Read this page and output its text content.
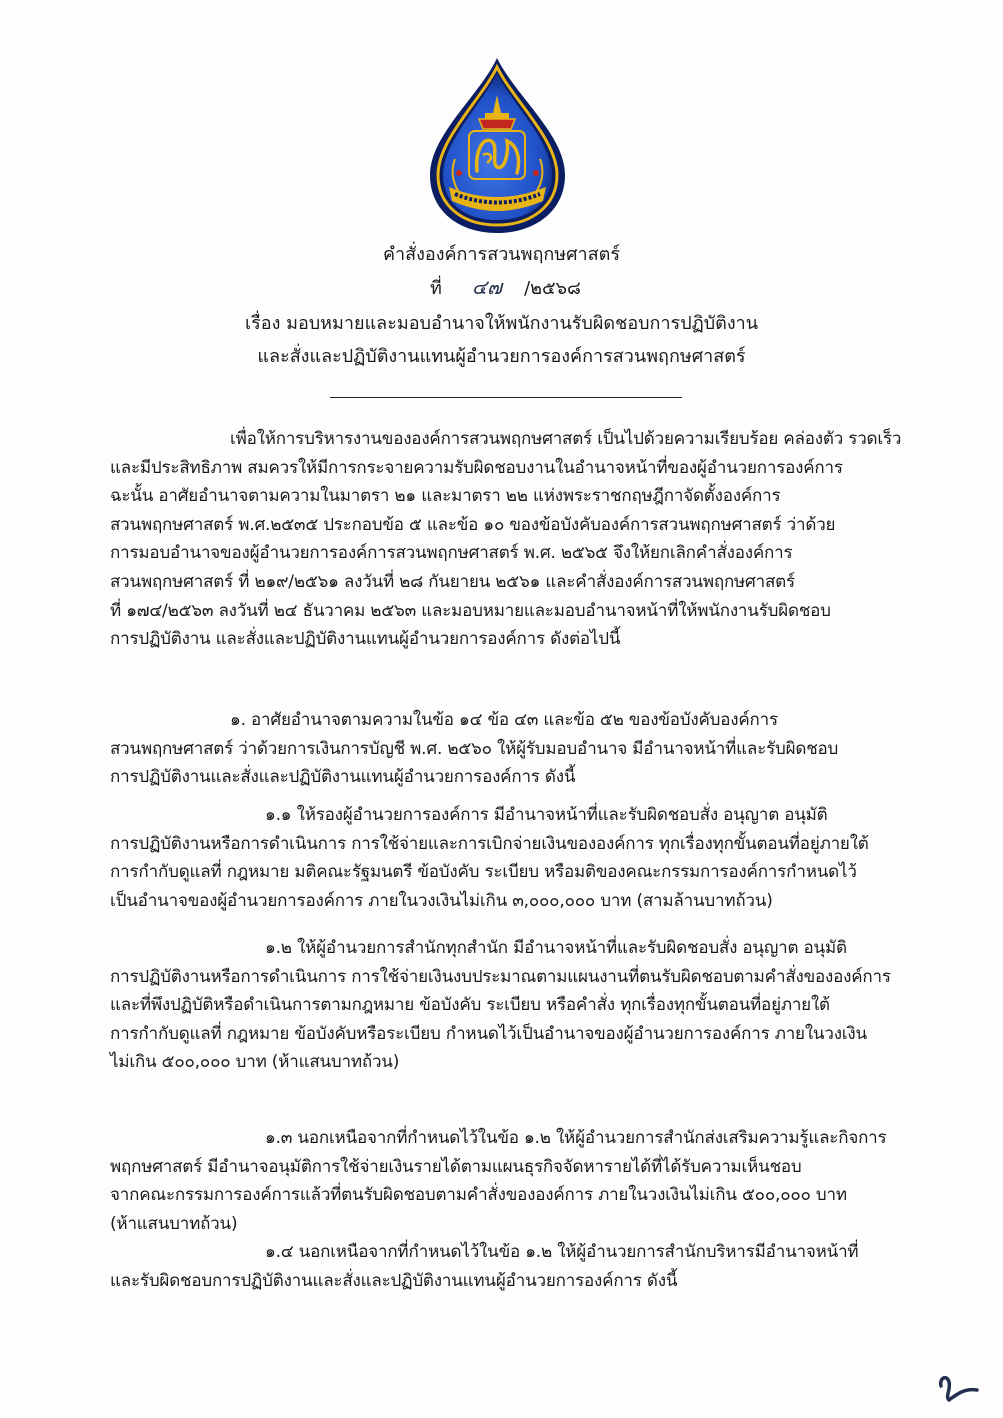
คำสั่งองค์การสวนพฤกษศาสตร์
ที่ ๔๗ /๒๕๖๘
เรื่อง มอบหมายและมอบอำนาจให้พนักงานรับผิดชอบการปฏิบัติงาน
และสั่งและปฏิบัติงานแทนผู้อำนวยการองค์การสวนพฤกษศาสตร์
เพื่อให้การบริหารงานขององค์การสวนพฤกษศาสตร์ เป็นไปด้วยความเรียบร้อย คล่องตัว รวดเร็ว
และมีประสิทธิภาพ สมควรให้มีการกระจายความรับผิดชอบงานในอำนาจหน้าที่ของผู้อำนวยการองค์การ
ฉะนั้น อาศัยอำนาจตามความในมาตรา ๒๑ และมาตรา ๒๒ แห่งพระราชกฤษฎีกาจัดตั้งองค์การ
สวนพฤกษศาสตร์ พ.ศ.๒๕๓๕ ประกอบข้อ ๕ และข้อ ๑๐ ของข้อบังคับองค์การสวนพฤกษศาสตร์ ว่าด้วย
การมอบอำนาจของผู้อำนวยการองค์การสวนพฤกษศาสตร์ พ.ศ. ๒๕๖๕ จึงให้ยกเลิกคำสั่งองค์การ
สวนพฤกษศาสตร์ ที่ ๒๑๙/๒๕๖๑ ลงวันที่ ๒๘ กันยายน ๒๕๖๑ และคำสั่งองค์การสวนพฤกษศาสตร์
ที่ ๑๗๔/๒๕๖๓ ลงวันที่ ๒๔ ธันวาคม ๒๕๖๓ และมอบหมายและมอบอำนาจหน้าที่ให้พนักงานรับผิดชอบ
การปฏิบัติงาน และสั่งและปฏิบัติงานแทนผู้อำนวยการองค์การ ดังต่อไปนี้
๑. อาศัยอำนาจตามความในข้อ ๑๔ ข้อ ๔๓ และข้อ ๕๒ ของข้อบังคับองค์การ
สวนพฤกษศาสตร์ ว่าด้วยการเงินการบัญชี พ.ศ. ๒๕๖๐ ให้ผู้รับมอบอำนาจ มีอำนาจหน้าที่และรับผิดชอบ
การปฏิบัติงานและสั่งและปฏิบัติงานแทนผู้อำนวยการองค์การ ดังนี้
๑.๑ ให้รองผู้อำนวยการองค์การ มีอำนาจหน้าที่และรับผิดชอบสั่ง อนุญาต อนุมัติ
การปฏิบัติงานหรือการดำเนินการ การใช้จ่ายและการเบิกจ่ายเงินขององค์การ ทุกเรื่องทุกขั้นตอนที่อยู่ภายใต้
การกำกับดูแลที่ กฎหมาย มติคณะรัฐมนตรี ข้อบังคับ ระเบียบ หรือมติของคณะกรรมการองค์การกำหนดไว้
เป็นอำนาจของผู้อำนวยการองค์การ ภายในวงเงินไม่เกิน ๓,๐๐๐,๐๐๐ บาท (สามล้านบาทถ้วน)
๑.๒ ให้ผู้อำนวยการสำนักทุกสำนัก มีอำนาจหน้าที่และรับผิดชอบสั่ง อนุญาต อนุมัติ
การปฏิบัติงานหรือการดำเนินการ การใช้จ่ายเงินงบประมาณตามแผนงานที่ตนรับผิดชอบตามคำสั่งขององค์การ
และที่พึงปฏิบัติหรือดำเนินการตามกฎหมาย ข้อบังคับ ระเบียบ หรือคำสั่ง ทุกเรื่องทุกขั้นตอนที่อยู่ภายใต้
การกำกับดูแลที่ กฎหมาย ข้อบังคับหรือระเบียบ กำหนดไว้เป็นอำนาจของผู้อำนวยการองค์การ ภายในวงเงิน
ไม่เกิน ๕๐๐,๐๐๐ บาท (ห้าแสนบาทถ้วน)
๑.๓ นอกเหนือจากที่กำหนดไว้ในข้อ ๑.๒ ให้ผู้อำนวยการสำนักส่งเสริมความรู้และกิจการ
พฤกษศาสตร์ มีอำนาจอนุมัติการใช้จ่ายเงินรายได้ตามแผนธุรกิจจัดหารายได้ที่ได้รับความเห็นชอบ
จากคณะกรรมการองค์การแล้วที่ตนรับผิดชอบตามคำสั่งขององค์การ ภายในวงเงินไม่เกิน ๕๐๐,๐๐๐ บาท
(ห้าแสนบาทถ้วน)
๑.๔ นอกเหนือจากที่กำหนดไว้ในข้อ ๑.๒ ให้ผู้อำนวยการสำนักบริหารมีอำนาจหน้าที่
และรับผิดชอบการปฏิบัติงานและสั่งและปฏิบัติงานแทนผู้อำนวยการองค์การ ดังนี้
